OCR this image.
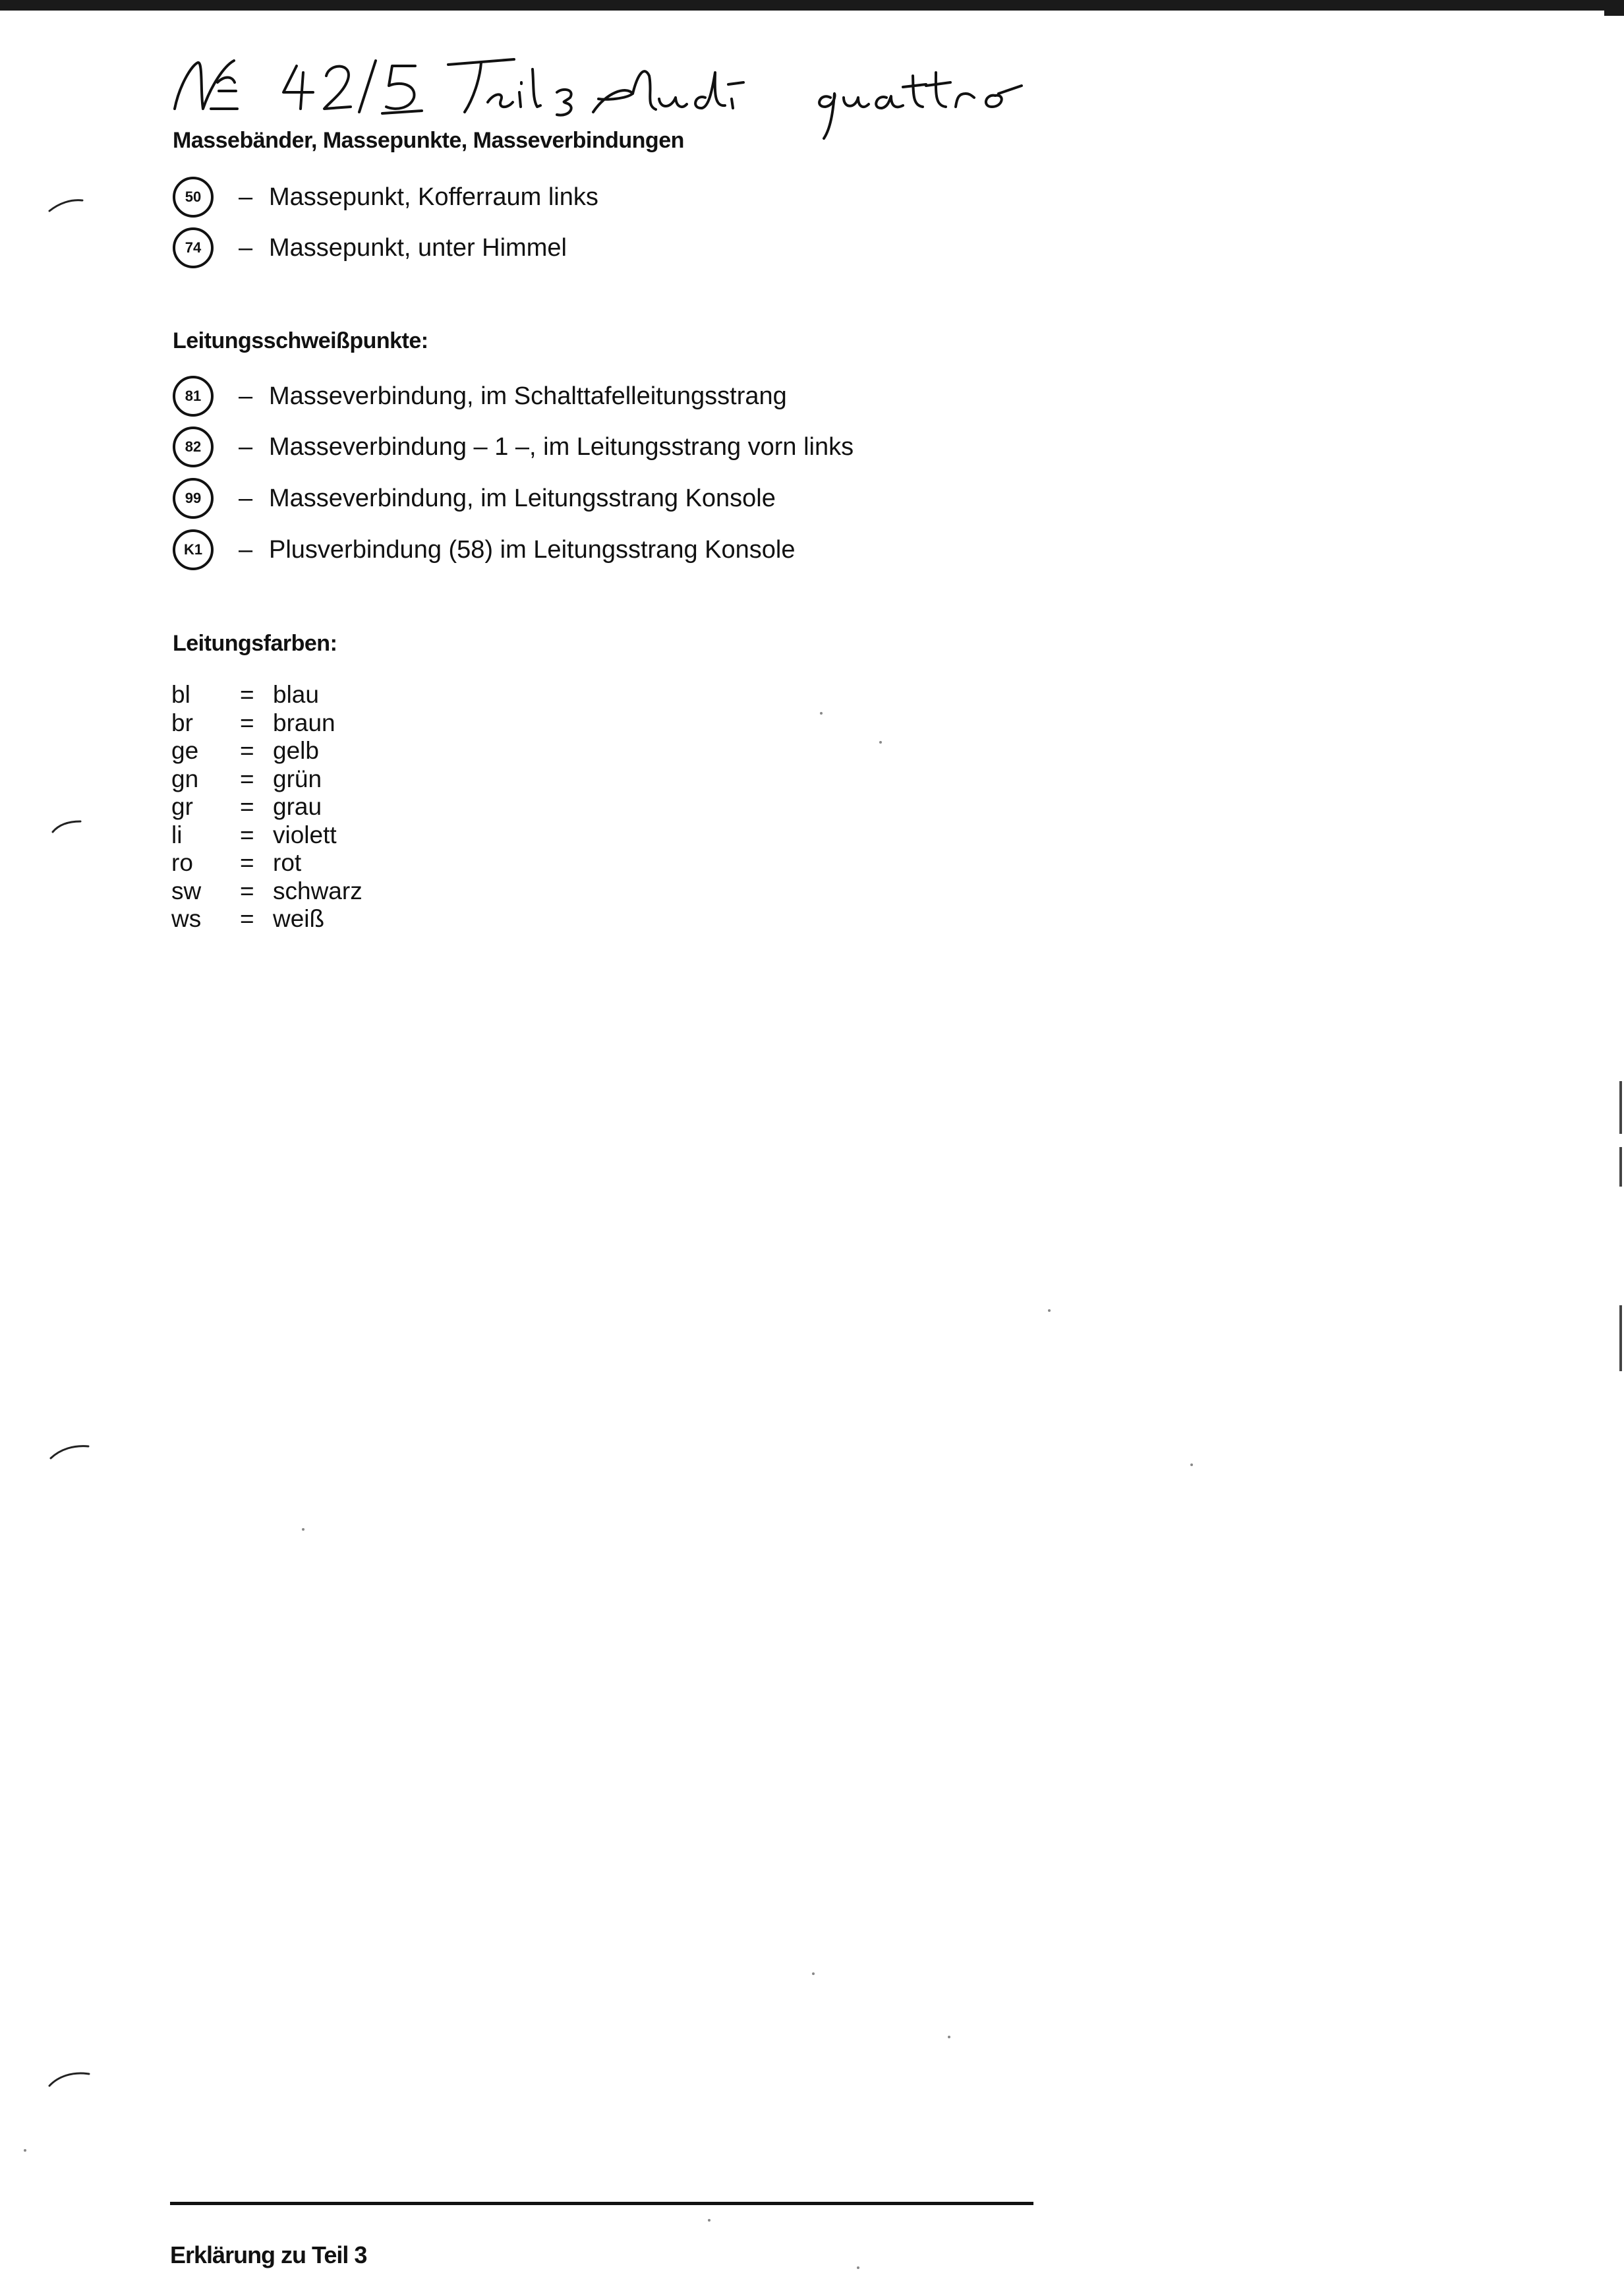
Massebänder, Massepunkte, Masseverbindungen
50	– Massepunkt, Kofferraum links
74	– Massepunkt, unter Himmel
Leitungsschweißpunkte:
81	– Masseverbindung, im Schalttafelleitungsstrang
82	– Masseverbindung – 1 –, im Leitungsstrang vorn links
99	– Masseverbindung, im Leitungsstrang Konsole
K1	– Plusverbindung (58) im Leitungsstrang Konsole
Leitungsfarben:
bl	= blau
br	= braun
ge	= gelb
gn	= grün
gr	= grau
li	= violett
ro	= rot
sw	= schwarz
ws	= weiß
Erklärung zu Teil 3
